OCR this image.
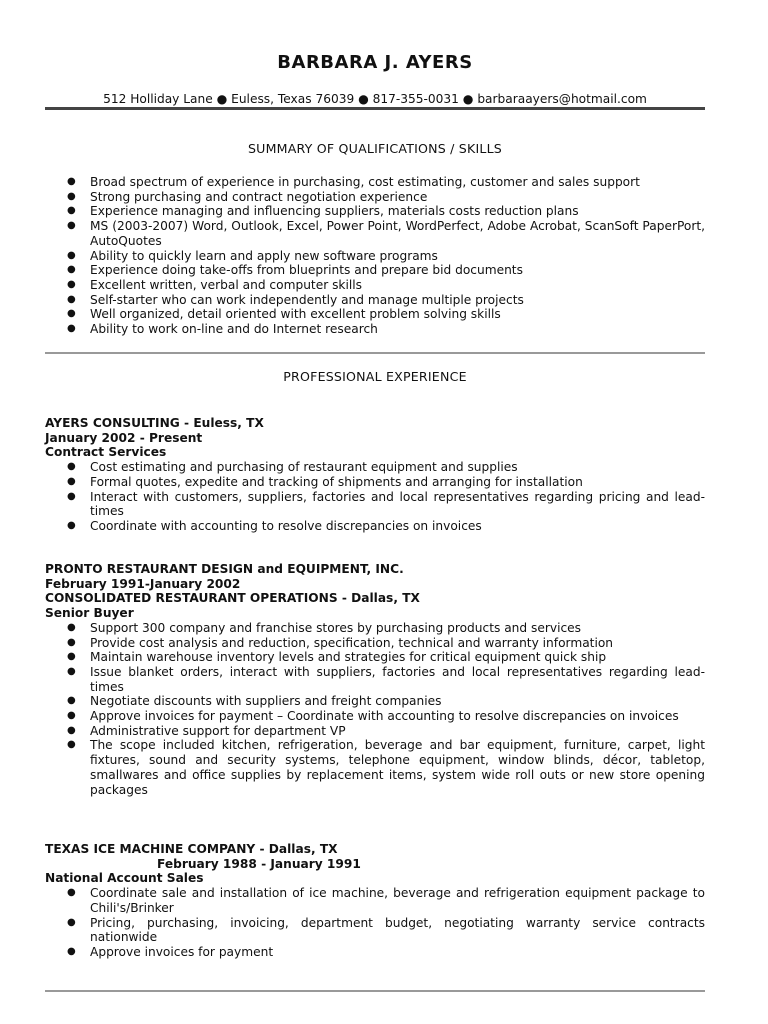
BARBARA J. AYERS
512 Holliday Lane ● Euless, Texas 76039 ● 817-355-0031 ● barbaraayers@hotmail.com
SUMMARY OF QUALIFICATIONS / SKILLS
● Broad spectrum of experience in purchasing, cost estimating, customer and sales support
● Strong purchasing and contract negotiation experience
● Experience managing and influencing suppliers, materials costs reduction plans
● MS (2003-2007) Word, Outlook, Excel, Power Point, WordPerfect, Adobe Acrobat, ScanSoft PaperPort, AutoQuotes
● Ability to quickly learn and apply new software programs
● Experience doing take-offs from blueprints and prepare bid documents
● Excellent written, verbal and computer skills
● Self-starter who can work independently and manage multiple projects
● Well organized, detail oriented with excellent problem solving skills
● Ability to work on-line and do Internet research
PROFESSIONAL EXPERIENCE
AYERS CONSULTING - Euless, TX
January 2002 - Present
Contract Services
● Cost estimating and purchasing of restaurant equipment and supplies
● Formal quotes, expedite and tracking of shipments and arranging for installation
● Interact with customers, suppliers, factories and local representatives regarding pricing and lead-times
● Coordinate with accounting to resolve discrepancies on invoices
PRONTO RESTAURANT DESIGN and EQUIPMENT, INC.
February 1991-January 2002
CONSOLIDATED RESTAURANT OPERATIONS - Dallas, TX
Senior Buyer
● Support 300 company and franchise stores by purchasing products and services
● Provide cost analysis and reduction, specification, technical and warranty information
● Maintain warehouse inventory levels and strategies for critical equipment quick ship
● Issue blanket orders, interact with suppliers, factories and local representatives regarding lead-times
● Negotiate discounts with suppliers and freight companies
● Approve invoices for payment – Coordinate with accounting to resolve discrepancies on invoices
● Administrative support for department VP
● The scope included kitchen, refrigeration, beverage and bar equipment, furniture, carpet, light fixtures, sound and security systems, telephone equipment, window blinds, décor, tabletop, smallwares and office supplies by replacement items, system wide roll outs or new store opening packages
TEXAS ICE MACHINE COMPANY - Dallas, TX
February 1988 - January 1991
National Account Sales
● Coordinate sale and installation of ice machine, beverage and refrigeration equipment package to Chili's/Brinker
● Pricing, purchasing, invoicing, department budget, negotiating warranty service contracts nationwide
● Approve invoices for payment
